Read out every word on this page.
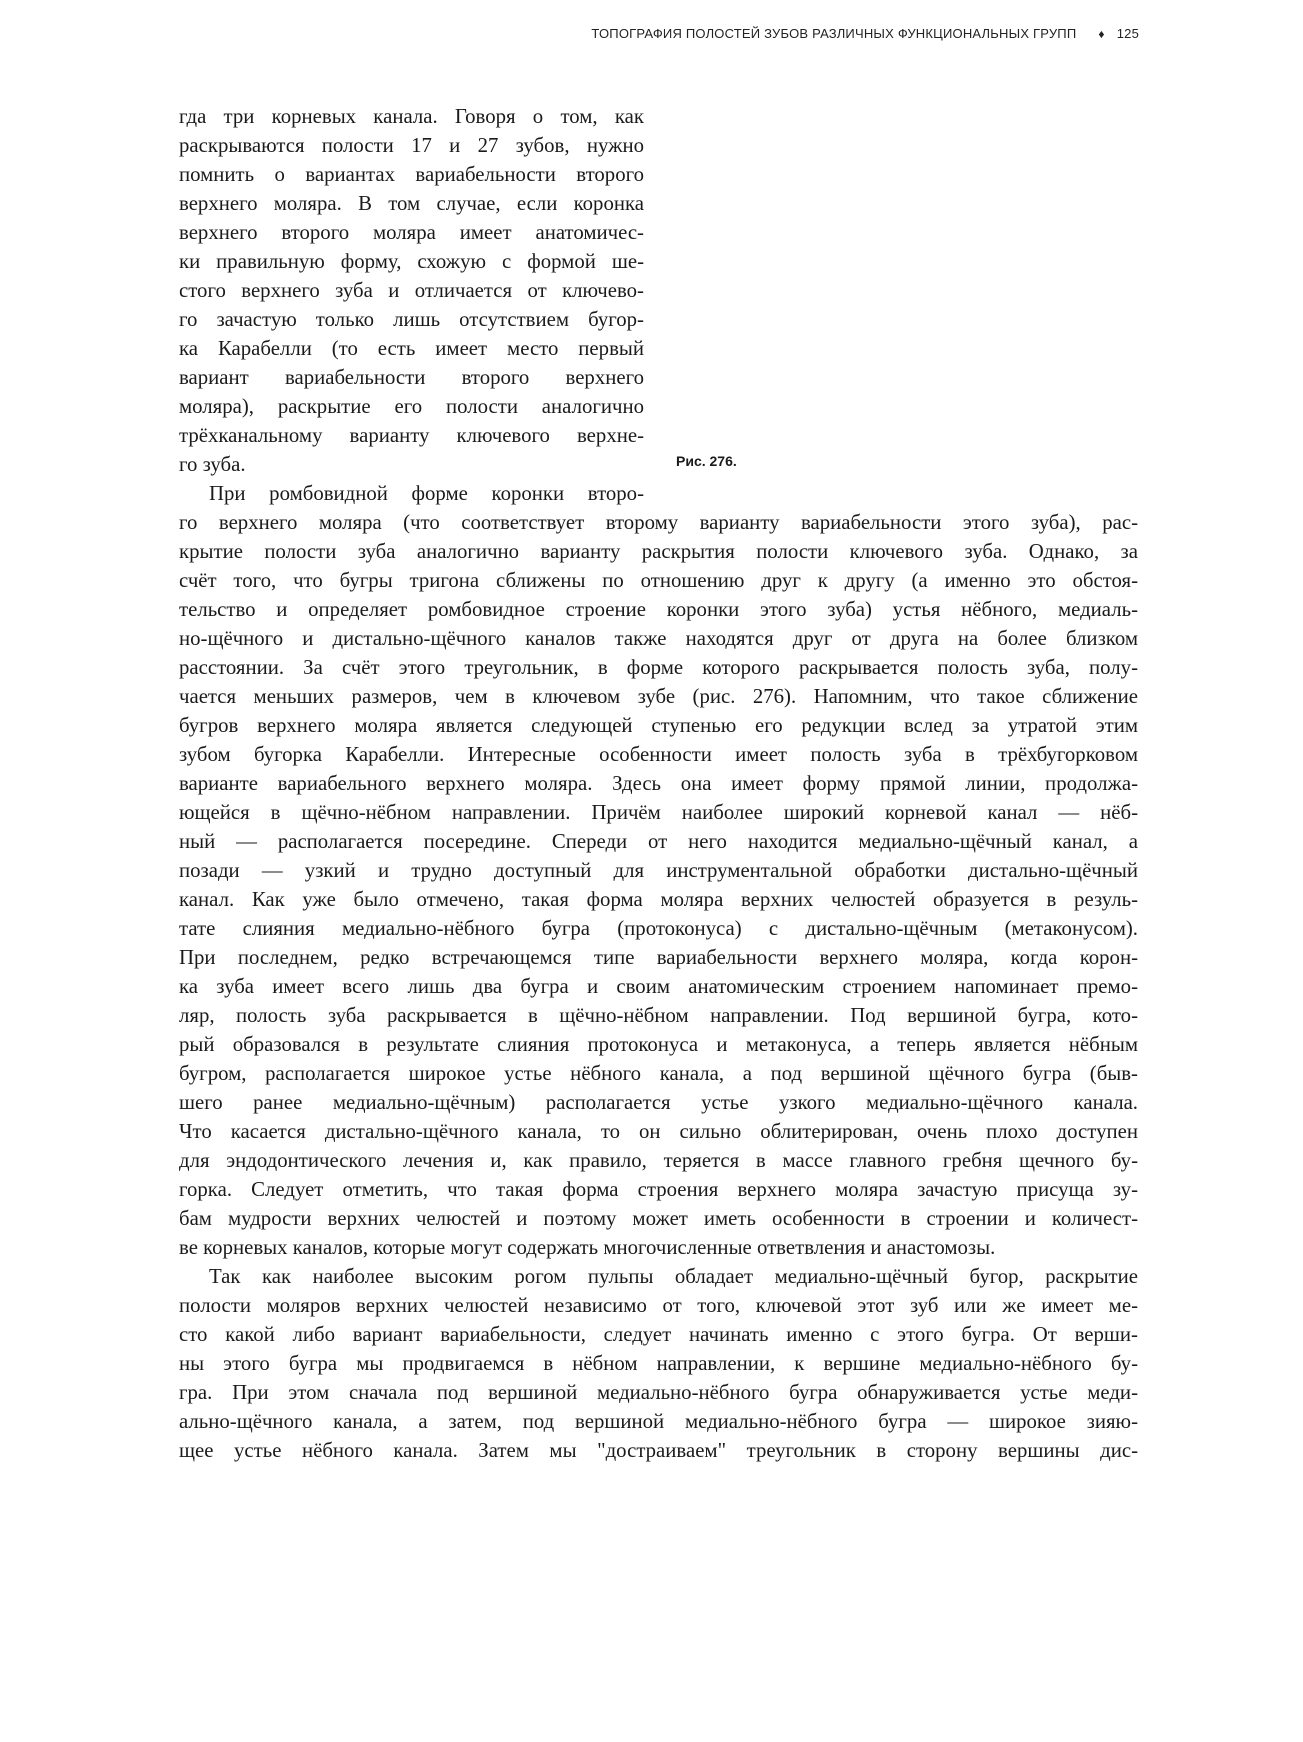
ТОПОГРАФИЯ ПОЛОСТЕЙ ЗУБОВ РАЗЛИЧНЫХ ФУНКЦИОНАЛЬНЫХ ГРУПП ♦ 125
Рис. 276.
гда три корневых канала. Говоря о том, как
раскрываются полости 17 и 27 зубов, нужно
помнить о вариантах вариабельности второго
верхнего моляра. В том случае, если коронка
верхнего второго моляра имеет анатомичес-
ки правильную форму, схожую с формой ше-
стого верхнего зуба и отличается от ключево-
го зачастую только лишь отсутствием бугор-
ка Карабелли (то есть имеет место первый
вариант вариабельности второго верхнего
моляра), раскрытие его полости аналогично
трёхканальному варианту ключевого верхне-
го зуба.
При ромбовидной форме коронки второ-
го верхнего моляра (что соответствует второму варианту вариабельности этого зуба), рас-
крытие полости зуба аналогично варианту раскрытия полости ключевого зуба. Однако, за
счёт того, что бугры тригона сближены по отношению друг к другу (а именно это обстоя-
тельство и определяет ромбовидное строение коронки этого зуба) устья нёбного, медиаль-
но-щёчного и дистально-щёчного каналов также находятся друг от друга на более близком
расстоянии. За счёт этого треугольник, в форме которого раскрывается полость зуба, полу-
чается меньших размеров, чем в ключевом зубе (рис. 276). Напомним, что такое сближение
бугров верхнего моляра является следующей ступенью его редукции вслед за утратой этим
зубом бугорка Карабелли. Интересные особенности имеет полость зуба в трёхбугорковом
варианте вариабельного верхнего моляра. Здесь она имеет форму прямой линии, продолжа-
ющейся в щёчно-нёбном направлении. Причём наиболее широкий корневой канал — нёб-
ный — располагается посередине. Спереди от него находится медиально-щёчный канал, а
позади — узкий и трудно доступный для инструментальной обработки дистально-щёчный
канал. Как уже было отмечено, такая форма моляра верхних челюстей образуется в резуль-
тате слияния медиально-нёбного бугра (протоконуса) с дистально-щёчным (метаконусом).
При последнем, редко встречающемся типе вариабельности верхнего моляра, когда корон-
ка зуба имеет всего лишь два бугра и своим анатомическим строением напоминает премо-
ляр, полость зуба раскрывается в щёчно-нёбном направлении. Под вершиной бугра, кото-
рый образовался в результате слияния протоконуса и метаконуса, а теперь является нёбным
бугром, располагается широкое устье нёбного канала, а под вершиной щёчного бугра (быв-
шего ранее медиально-щёчным) располагается устье узкого медиально-щёчного канала.
Что касается дистально-щёчного канала, то он сильно облитерирован, очень плохо доступен
для эндодонтического лечения и, как правило, теряется в массе главного гребня щечного бу-
горка. Следует отметить, что такая форма строения верхнего моляра зачастую присуща зу-
бам мудрости верхних челюстей и поэтому может иметь особенности в строении и количест-
ве корневых каналов, которые могут содержать многочисленные ответвления и анастомозы.
Так как наиболее высоким рогом пульпы обладает медиально-щёчный бугор, раскрытие
полости моляров верхних челюстей независимо от того, ключевой этот зуб или же имеет ме-
сто какой либо вариант вариабельности, следует начинать именно с этого бугра. От верши-
ны этого бугра мы продвигаемся в нёбном направлении, к вершине медиально-нёбного бу-
гра. При этом сначала под вершиной медиально-нёбного бугра обнаруживается устье меди-
ально-щёчного канала, а затем, под вершиной медиально-нёбного бугра — широкое зияю-
щее устье нёбного канала. Затем мы "достраиваем" треугольник в сторону вершины дис-
